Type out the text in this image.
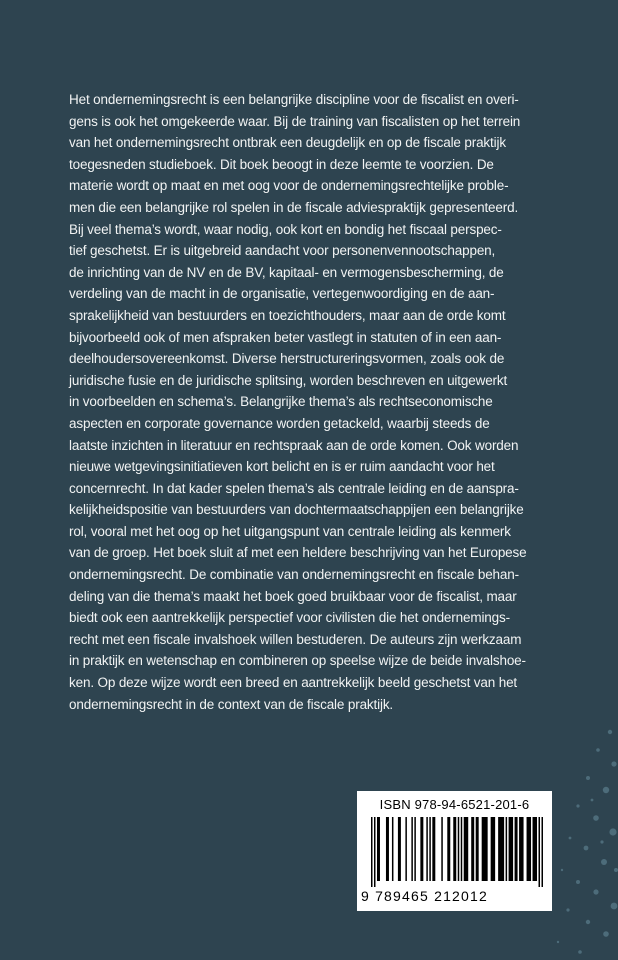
Het ondernemingsrecht is een belangrijke discipline voor de fiscalist en overi-
gens is ook het omgekeerde waar. Bij de training van fiscalisten op het terrein
van het ondernemingsrecht ontbrak een deugdelijk en op de fiscale praktijk
toegesneden studieboek. Dit boek beoogt in deze leemte te voorzien. De
materie wordt op maat en met oog voor de ondernemingsrechtelijke proble-
men die een belangrijke rol spelen in de fiscale adviespraktijk gepresenteerd.
Bij veel thema’s wordt, waar nodig, ook kort en bondig het fiscaal perspec-
tief geschetst. Er is uitgebreid aandacht voor personenvennootschappen,
de inrichting van de NV en de BV, kapitaal- en vermogensbescherming, de
verdeling van de macht in de organisatie, vertegenwoordiging en de aan-
sprakelijkheid van bestuurders en toezichthouders, maar aan de orde komt
bijvoorbeeld ook of men afspraken beter vastlegt in statuten of in een aan-
deelhoudersovereenkomst. Diverse herstructureringsvormen, zoals ook de
juridische fusie en de juridische splitsing, worden beschreven en uitgewerkt
in voorbeelden en schema’s. Belangrijke thema’s als rechtseconomische
aspecten en corporate governance worden getackeld, waarbij steeds de
laatste inzichten in literatuur en rechtspraak aan de orde komen. Ook worden
nieuwe wetgevingsinitiatieven kort belicht en is er ruim aandacht voor het
concernrecht. In dat kader spelen thema’s als centrale leiding en de aanspra-
kelijkheidspositie van bestuurders van dochtermaatschappijen een belangrijke
rol, vooral met het oog op het uitgangspunt van centrale leiding als kenmerk
van de groep. Het boek sluit af met een heldere beschrijving van het Europese
ondernemingsrecht. De combinatie van ondernemingsrecht en fiscale behan-
deling van die thema’s maakt het boek goed bruikbaar voor de fiscalist, maar
biedt ook een aantrekkelijk perspectief voor civilisten die het ondernemings-
recht met een fiscale invalshoek willen bestuderen. De auteurs zijn werkzaam
in praktijk en wetenschap en combineren op speelse wijze de beide invalshoe-
ken. Op deze wijze wordt een breed en aantrekkelijk beeld geschetst van het
ondernemingsrecht in de context van de fiscale praktijk.
ISBN 978-94-6521-201-6
9 789465 212012
